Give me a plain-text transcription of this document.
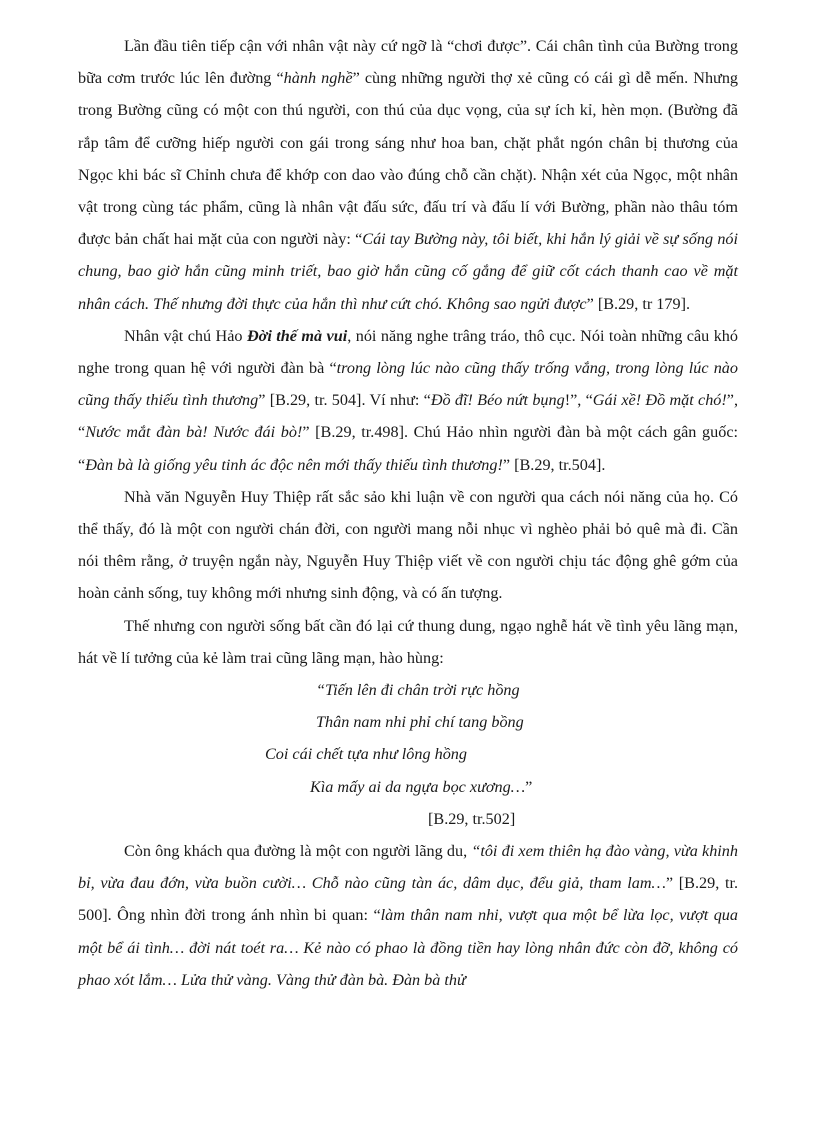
Lần đầu tiên tiếp cận với nhân vật này cứ ngỡ là “chơi được”. Cái chân tình của Bường trong bữa cơm trước lúc lên đường “hành nghề” cùng những người thợ xẻ cũng có cái gì dễ mến. Nhưng trong Bường cũng có một con thú người, con thú của dục vọng, của sự ích kỉ, hèn mọn. (Bường đã rắp tâm để cưỡng hiếp người con gái trong sáng như hoa ban, chặt phắt ngón chân bị thương của Ngọc khi bác sĩ Chỉnh chưa để khớp con dao vào đúng chỗ cần chặt). Nhận xét của Ngọc, một nhân vật trong cùng tác phẩm, cũng là nhân vật đấu sức, đấu trí và đấu lí với Bường, phần nào thâu tóm được bản chất hai mặt của con người này: “Cái tay Bường này, tôi biết, khi hắn lý giải về sự sống nói chung, bao giờ hắn cũng minh triết, bao giờ hắn cũng cố gắng để giữ cốt cách thanh cao về mặt nhân cách. Thế nhưng đời thực của hắn thì như cứt chó. Không sao ngửi được” [B.29, tr 179].

Nhân vật chú Hảo Đời thế mà vui, nói năng nghe trâng tráo, thô cục. Nói toàn những câu khó nghe trong quan hệ với người đàn bà “trong lòng lúc nào cũng thấy trống vắng, trong lòng lúc nào cũng thấy thiếu tình thương” [B.29, tr. 504]. Ví như: “Đồ đĩ! Béo nứt bụng!”, “Gái xề! Đồ mặt chó!”, “Nước mắt đàn bà! Nước đái bò!” [B.29, tr.498]. Chú Hảo nhìn người đàn bà một cách gân guốc: “Đàn bà là giống yêu tinh ác độc nên mới thấy thiếu tình thương!” [B.29, tr.504].

Nhà văn Nguyễn Huy Thiệp rất sắc sảo khi luận về con người qua cách nói năng của họ. Có thể thấy, đó là một con người chán đời, con người mang nỗi nhục vì nghèo phải bỏ quê mà đi. Cần nói thêm rằng, ở truyện ngắn này, Nguyễn Huy Thiệp viết về con người chịu tác động ghê gớm của hoàn cảnh sống, tuy không mới nhưng sinh động, và có ấn tượng.

Thế nhưng con người sống bất cần đó lại cứ thung dung, ngạo nghễ hát về tình yêu lãng mạn, hát về lí tưởng của kẻ làm trai cũng lãng mạn, hào hùng:

“Tiến lên đi chân trời rực hồng
Thân nam nhi phỉ chí tang bồng
Coi cái chết tựa như lông hồng
Kìa mấy ai da ngựa bọc xương…”
[B.29, tr.502]

Còn ông khách qua đường là một con người lãng du, “tôi đi xem thiên hạ đào vàng, vừa khinh bỉ, vừa đau đớn, vừa buồn cười… Chỗ nào cũng tàn ác, dâm dục, đểu giả, tham lam…” [B.29, tr. 500]. Ông nhìn đời trong ánh nhìn bi quan: “làm thân nam nhi, vượt qua một bể lừa lọc, vượt qua một bể ái tình… đời nát toét ra… Kẻ nào có phao là đồng tiền hay lòng nhân đức còn đỡ, không có phao xót lắm… Lửa thử vàng. Vàng thử đàn bà. Đàn bà thử
